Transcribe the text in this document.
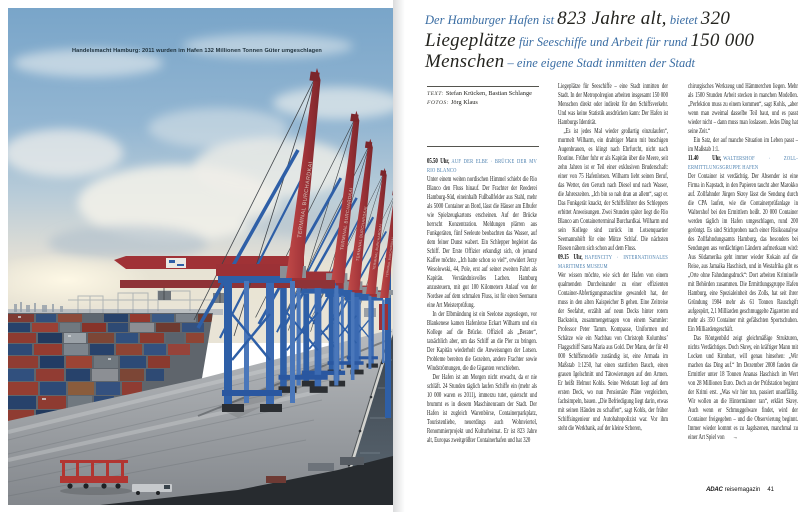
Handelsmacht Hamburg: 2011 wurden im Hafen 132 Millionen Tonnen Güter umgeschlagen
Der Hamburger Hafen ist 823 Jahre alt, bietet 320
Liegeplätze für Seeschiffe und Arbeit für rund 150 000
Menschen – eine eigene Stadt inmitten der Stadt
TEXT: Stefan Krücken, Bastian Schlange
FOTOS: Jörg Klaus

05.50 Uhr, AUF DER ELBE · BRÜCKE DER MV RIO BLANCO

Unter einem weiten nordischen Himmel schiebt die Rio Blanco den Fluss hinauf. Der Frachter der Reederei Hamburg-Süd, eineinhalb Fußballfelder aus Stahl, mehr als 5000 Container an Bord, lässt die Häuser am Elbufer wie Spielzeugkartons erscheinen. Auf der Brücke herrscht Konzentration. Meldungen plärren aus Funkgeräten, fünf Seeleute beobachten das Wasser, auf dem feiner Dunst wabert. Ein Schlepper begleitet das Schiff. Der Erste Offizier erkundigt sich, ob jemand Kaffee möchte. „Ich hatte schon so viel“, erwidert Jerzy Wesolowski, 44, Pole, erst auf seiner zweiten Fahrt als Kapitän. Verständnisvolles Lachen. Hamburg anzusteuern, mit gut 100 Kilometern Anlauf von der Nordsee auf dem schmalen Fluss, ist für einen Seemann eine Art Meisterprüfung.

In der Elbmündung ist ein Seelotse zugestiegen, vor Blankenese kamen Hafenlotse Eckart Wilharm und ein Kollege auf die Brücke. Offiziell als „Berater“, tatsächlich aber, um das Schiff an die Pier zu bringen. Der Kapitän wiederholt die Anweisungen der Lotsen. Probleme bereiten die Gezeiten, andere Frachter sowie Windströmungen, die die Giganten verschieben.

Der Hafen ist am Morgen nicht erwacht, da er nie schläft. 24 Stunden täglich laufen Schiffe ein (mehr als 10 000 waren es 2011), immerzu tutet, quietscht und brummt es in diesem Maschinenraum der Stadt. Der Hafen ist zugleich Warenbörse, Containerparkplatz, Touristenliebe, neuerdings auch Wohnviertel, Renommierprojekt und Kulturheimat. Er ist 823 Jahre alt, Europas zweitgrößter Containerhafen und hat 320

Liegeplätze für Seeschiffe – eine Stadt inmitten der Stadt. In der Metropolregion arbeiten insgesamt 150 000 Menschen direkt oder indirekt für den Schiffsverkehr. Und was keine Statistik ausdrücken kann: Der Hafen ist Hamburgs Identität.

„Es ist jedes Mal wieder großartig einzulaufen“, murmelt Wilharm, ein drahtiger Mann mit buschigen Augenbrauen, es klingt nach Ehrfurcht, nicht nach Routine. Früher fuhr er als Kapitän über die Meere, seit zehn Jahren ist er Teil einer exklusiven Bruderschaft: einer von 75 Hafenlotsen. Wilharm liebt seinen Beruf, das Wetter, den Geruch nach Diesel und nach Wasser, die Jahreszeiten. „Ich bin so nah dran an allem“, sagt er. Das Funkgerät knackt, der Schiffsführer des Schleppers erbittet Anweisungen. Zwei Stunden später liegt die Rio Blanco am Containerterminal Burchardkai. Wilharm und sein Kollege sind zurück im Lotsenquartier Seemannshöft für eine Mütze Schlaf. Die nächsten Riesen nähern sich schon auf dem Fluss.

09.15 Uhr, HAFENCITY · INTERNATIONALES MARITIMES MUSEUM

Wer wissen möchte, wie sich der Hafen von einem qualmenden Durcheinander zu einer effizienten Container-Abfertigungsmaschine gewandelt hat, der muss in den alten Kaispeicher B gehen. Eine Zeitreise der Seefahrt, erzählt auf neun Decks hinter rotem Backstein, zusammengetragen von einem Sammler: Professor Peter Tamm. Kompasse, Uniformen und Schätze wie ein Nachbau von Christoph Kolumbus’ Flaggschiff Santa Maria aus Gold. Der Mann, der für 40 000 Schiffsmodelle zuständig ist, eine Armada im Maßstab 1:1250, hat einen stattlichen Bauch, einen grauen Igelschnitt und Tätowierungen auf den Armen. Er heißt Helmut Kohls. Seine Werkstatt liegt auf dem ersten Deck, wo nun Pensionäre Pläne vergleichen, fachsimpeln, bauen. „Die Befriedigung liegt darin, etwas mit seinen Händen zu schaffen“, sagt Kohls, der früher Schiffsingenieur und Autobahnpolizist war. Vor ihm steht die Werkbank, auf der kleine Scheren,

chirurgisches Werkzeug und Hämmerchen liegen. Mehr als 1500 Stunden Arbeit stecken in manchen Modellen. „Perfektion muss zu einem kommen“, sagt Kohls, „aber wenn man zweimal dasselbe Teil baut, und es passt wieder nicht – dann muss man loslassen. Jedes Ding hat seine Zeit.“

Ein Satz, der auf manche Situation im Leben passt – im Maßstab 1:1.

11.40 Uhr, WALTERSHOF · ZOLL-ERMITTLUNGSGRUPPE HAFEN

Der Container ist verdächtig. Der Absender ist eine Firma in Kapstadt, in den Papieren taucht aber Marokko auf. Zollfahnder Jürgen Skrey lässt die Sendung durch die CPA laufen, wie die Containerprüfanlage in Waltershof bei den Ermittlern heißt. 20 000 Container werden täglich im Hafen umgeschlagen, rund 200 geröntgt. Es sind Stichproben nach einer Risikoanalyse des Zollfahndungsamts Hamburg, das besonders bei Sendungen aus verdächtigen Ländern aufmerksam wird: Aus Südamerika geht immer wieder Kokain auf die Reise, aus Jamaika Haschisch, und in Westafrika gibt es „Orte ohne Fahndungsdruck“: Dort arbeiten Kriminelle mit Behörden zusammen. Die Ermittlungsgruppe Hafen Hamburg, eine Spezialeinheit des Zolls, hat seit ihrer Gründung 1984 mehr als 61 Tonnen Rauschgift aufgespürt, 2,1 Milliarden geschmuggelte Zigaretten und mehr als 350 Container mit gefälschten Sportschuhen. Ein Milliardengeschäft.

Das Röntgenbild zeigt gleichmäßige Strukturen, nichts Verdächtiges. Doch Skrey, ein kräftiger Mann mit Locken und Kinnbart, will genau hinsehen: „Wir machen das Ding auf.“ Im Dezember 2008 fanden die Ermittler unter 18 Tonnen Ananas Haschisch im Wert von 28 Millionen Euro. Doch an der Prüfstation beginnt der Krimi erst. „Was wir hier tun, passiert unauffällig. Wir wollen an die Hintermänner ran“, erklärt Skrey. Auch wenn er Schmuggelware findet, wird der Container freigegeben – und die Observierung beginnt. Immer wieder kommt es zu Jagdszenen, manchmal zu einer Art Spiel von →

ADAC reisemagazin 41
